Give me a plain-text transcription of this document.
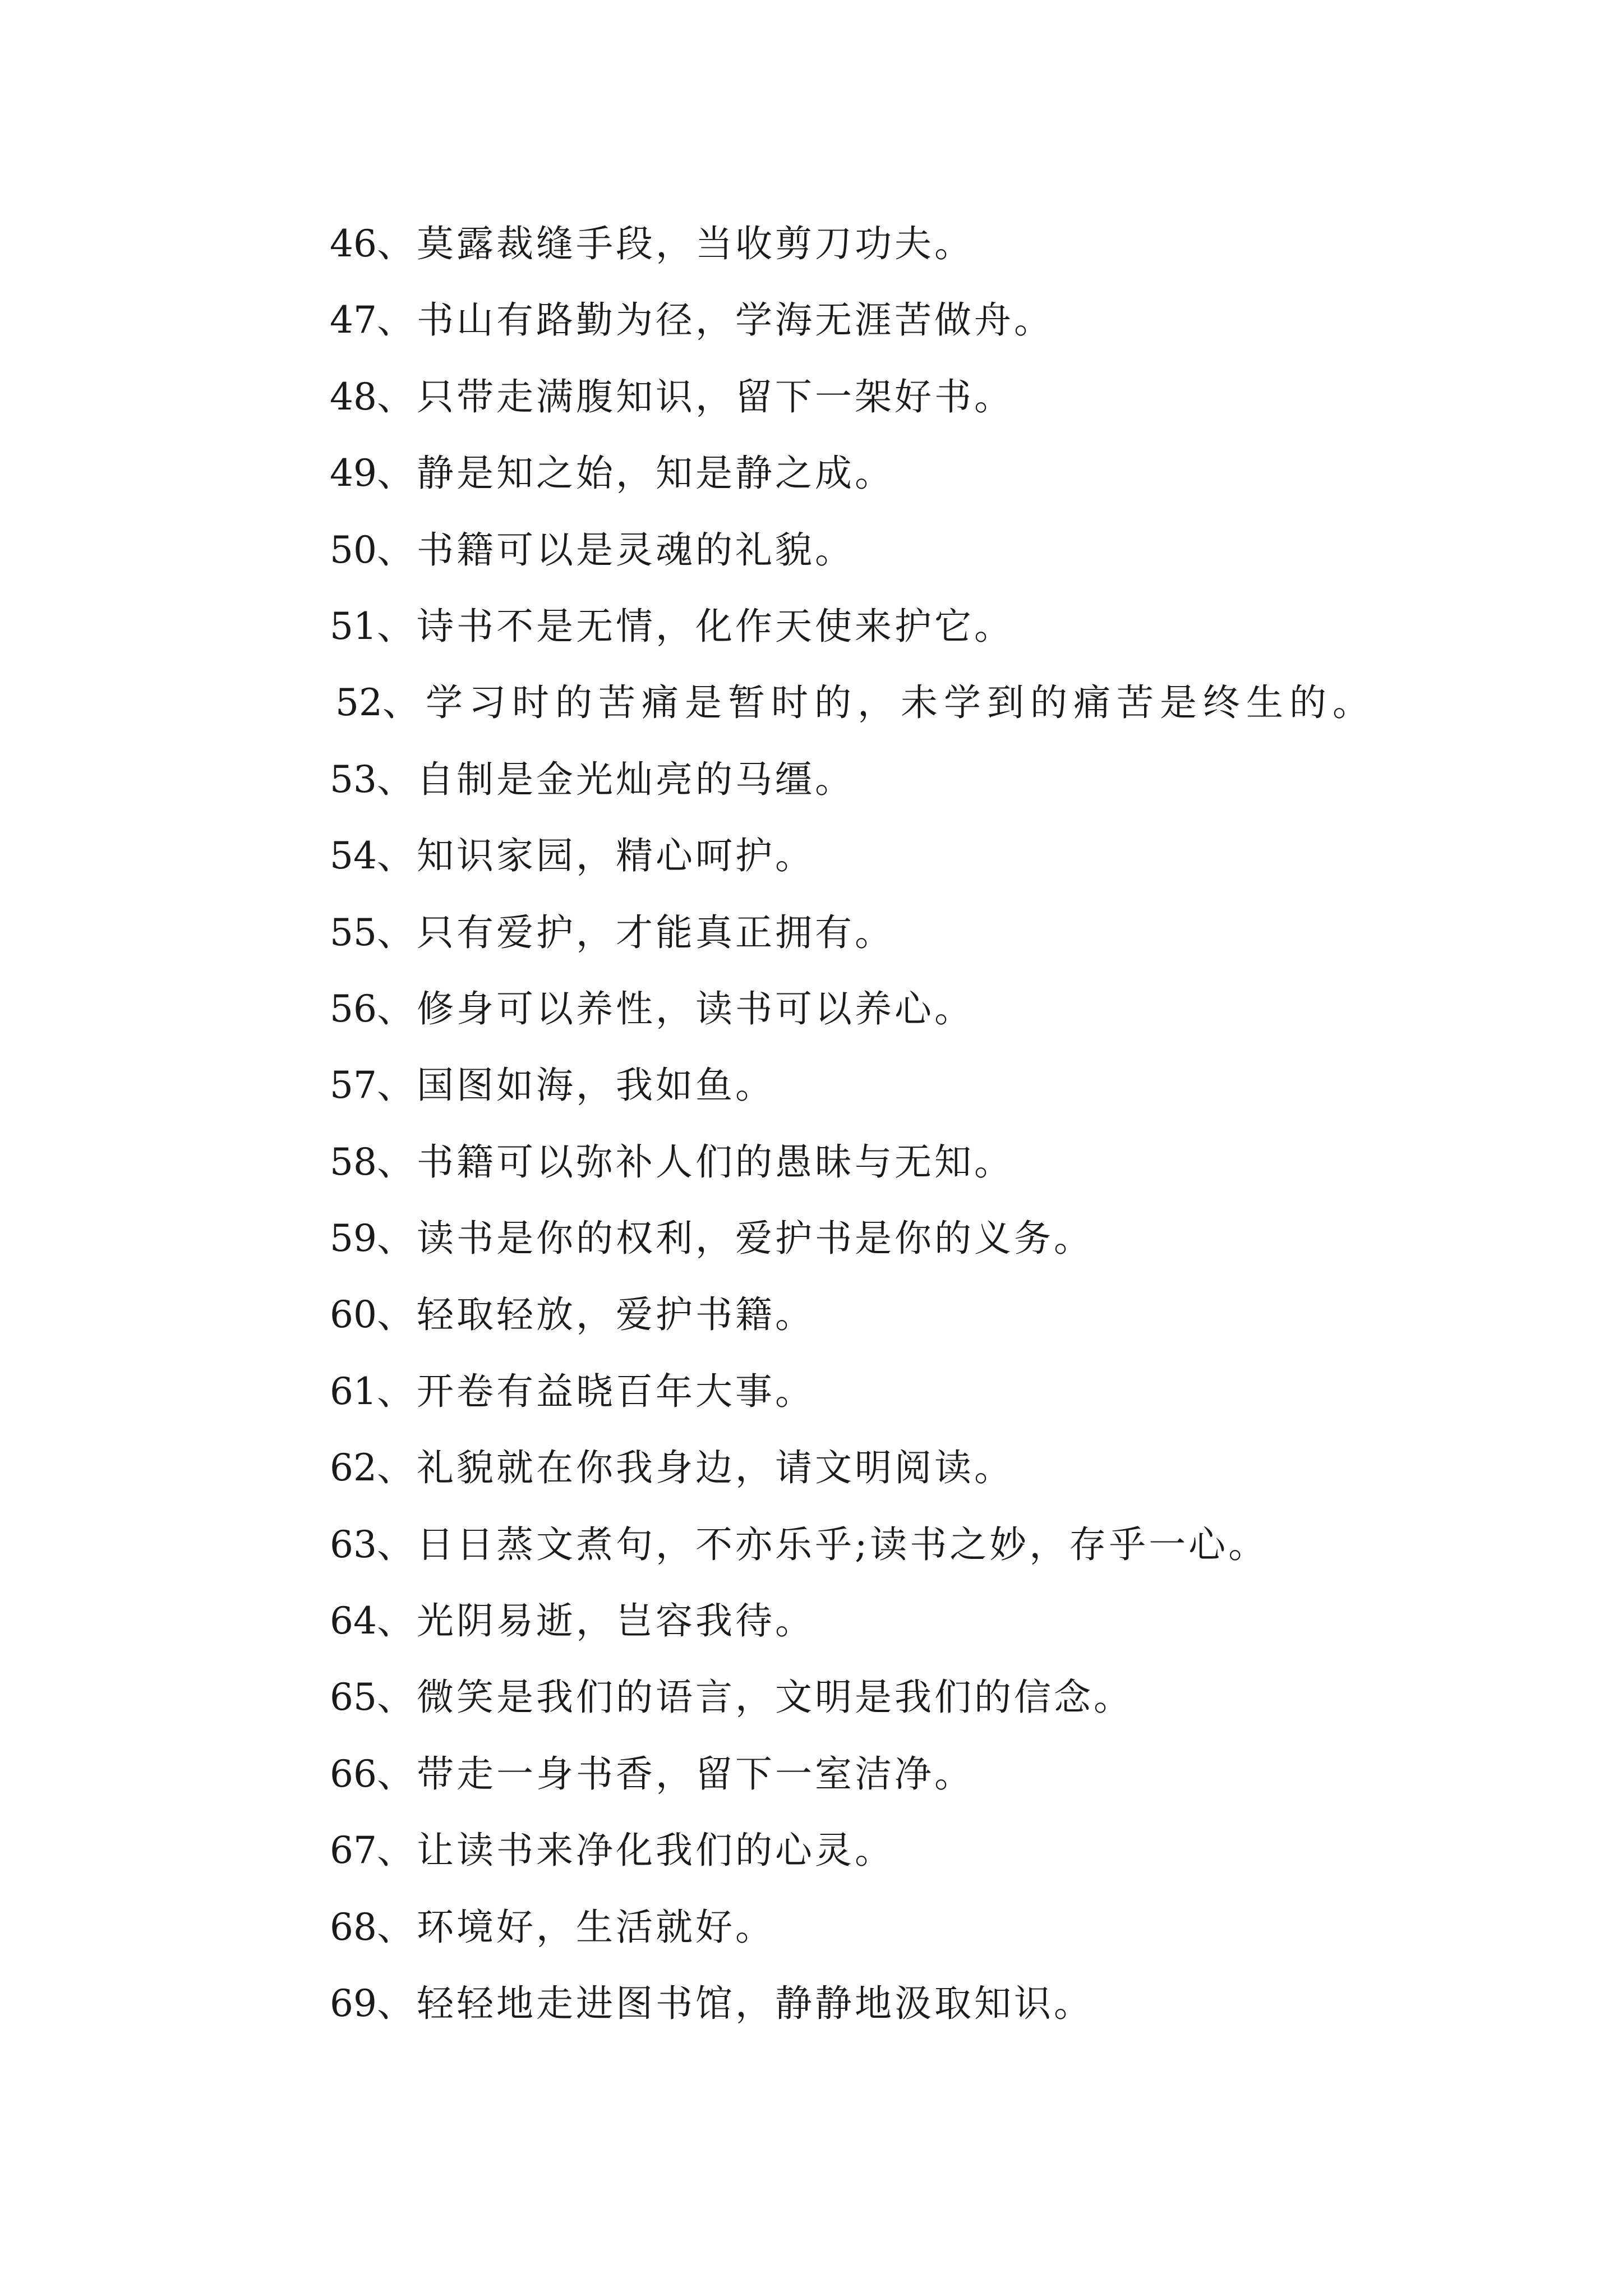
46、莫露裁缝手段，当收剪刀功夫。
47、书山有路勤为径，学海无涯苦做舟。
48、只带走满腹知识，留下一架好书。
49、静是知之始，知是静之成。
50、书籍可以是灵魂的礼貌。
51、诗书不是无情，化作天使来护它。
52、学习时的苦痛是暂时的，未学到的痛苦是终生的。
53、自制是金光灿亮的马缰。
54、知识家园，精心呵护。
55、只有爱护，才能真正拥有。
56、修身可以养性，读书可以养心。
57、国图如海，我如鱼。
58、书籍可以弥补人们的愚昧与无知。
59、读书是你的权利，爱护书是你的义务。
60、轻取轻放，爱护书籍。
61、开卷有益晓百年大事。
62、礼貌就在你我身边，请文明阅读。
63、日日蒸文煮句，不亦乐乎;读书之妙，存乎一心。
64、光阴易逝，岂容我待。
65、微笑是我们的语言，文明是我们的信念。
66、带走一身书香，留下一室洁净。
67、让读书来净化我们的心灵。
68、环境好，生活就好。
69、轻轻地走进图书馆，静静地汲取知识。
